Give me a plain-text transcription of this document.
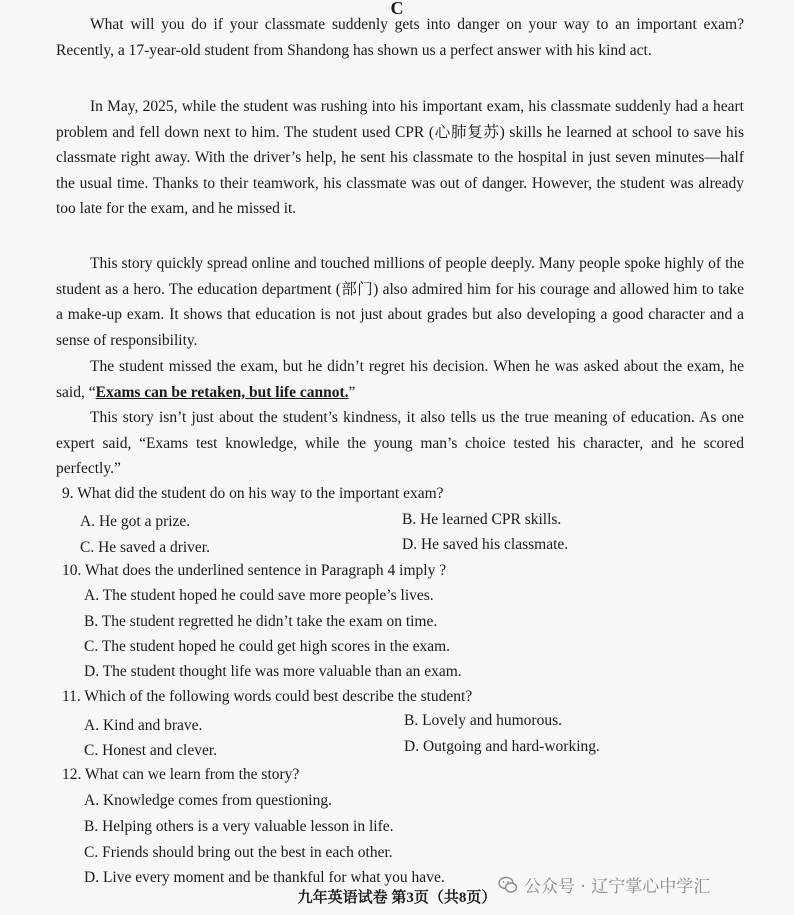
C
What will you do if your classmate suddenly gets into danger on your way to an important exam? Recently, a 17-year-old student from Shandong has shown us a perfect answer with his kind act.
In May, 2025, while the student was rushing into his important exam, his classmate suddenly had a heart problem and fell down next to him. The student used CPR (心肺复苏) skills he learned at school to save his classmate right away. With the driver’s help, he sent his classmate to the hospital in just seven minutes—half the usual time. Thanks to their teamwork, his classmate was out of danger. However, the student was already too late for the exam, and he missed it.
This story quickly spread online and touched millions of people deeply. Many people spoke highly of the student as a hero. The education department (部门) also admired him for his courage and allowed him to take a make-up exam. It shows that education is not just about grades but also developing a good character and a sense of responsibility.
The student missed the exam, but he didn’t regret his decision. When he was asked about the exam, he said, “Exams can be retaken, but life cannot.”
This story isn’t just about the student’s kindness, it also tells us the true meaning of education. As one expert said, “Exams test knowledge, while the young man’s choice tested his character, and he scored perfectly.”
9. What did the student do on his way to the important exam?
A. He got a prize.	B. He learned CPR skills.
C. He saved a driver.	D. He saved his classmate.
10. What does the underlined sentence in Paragraph 4 imply ?
A. The student hoped he could save more people’s lives.
B. The student regretted he didn’t take the exam on time.
C. The student hoped he could get high scores in the exam.
D. The student thought life was more valuable than an exam.
11. Which of the following words could best describe the student?
A. Kind and brave.	B. Lovely and humorous.
C. Honest and clever.	D. Outgoing and hard-working.
12. What can we learn from the story?
A. Knowledge comes from questioning.
B. Helping others is a very valuable lesson in life.
C. Friends should bring out the best in each other.
D. Live every moment and be thankful for what you have.
九年英语试卷 第3页（共8页）
公众号 · 辽宁掌心中学汇
